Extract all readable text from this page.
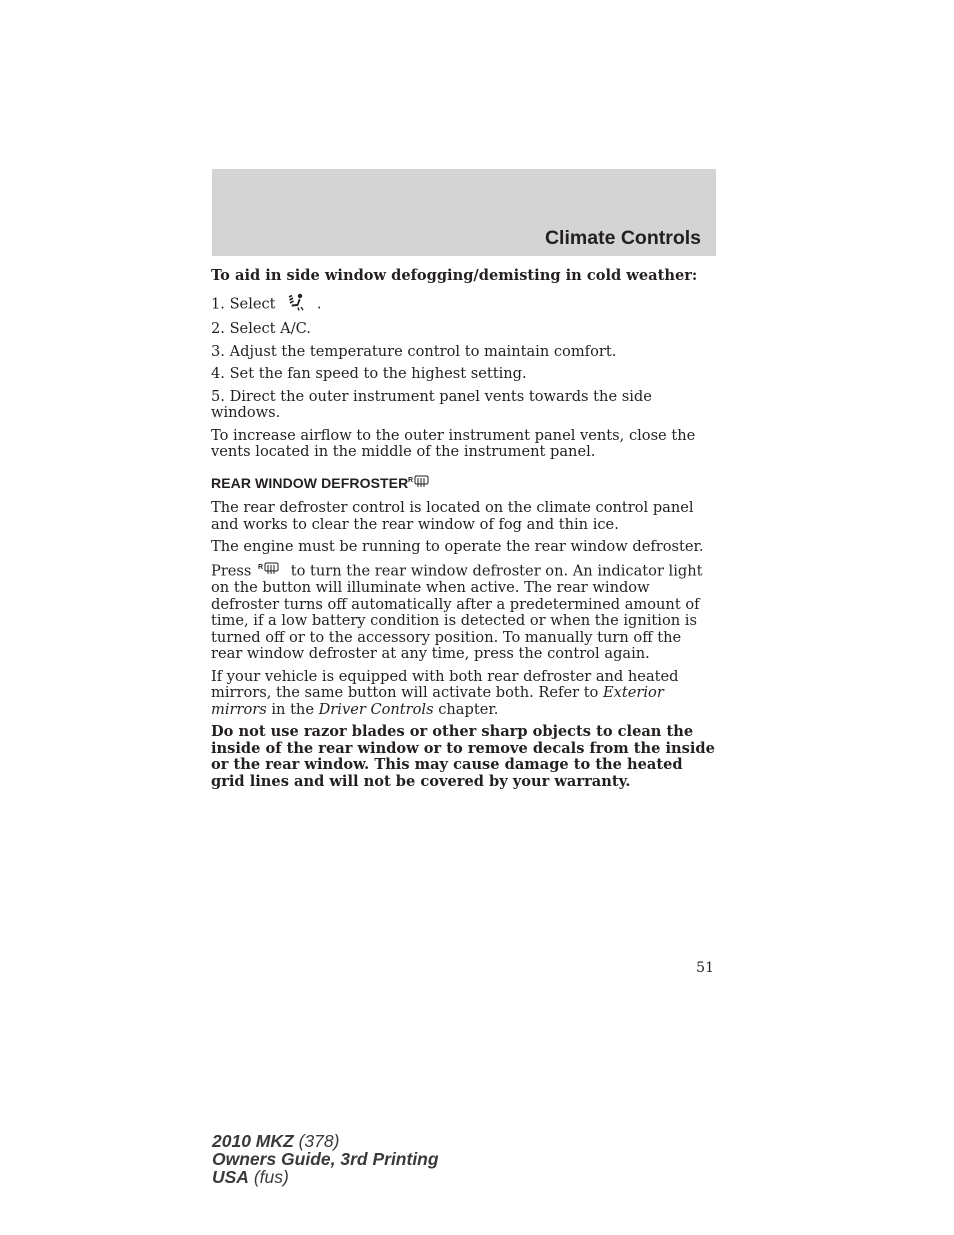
Climate Controls

To aid in side window defogging/demisting in cold weather:

1. Select	.

2. Select A/C.

3. Adjust the temperature control to maintain comfort.

4. Set the fan speed to the highest setting.

5. Direct the outer instrument panel vents towards the side windows.

To increase airflow to the outer instrument panel vents, close the vents located in the middle of the instrument panel.

REAR WINDOW DEFROSTER R

The rear defroster control is located on the climate control panel and works to clear the rear window of fog and thin ice.

The engine must be running to operate the rear window defroster.

Press R to turn the rear window defroster on. An indicator light on the button will illuminate when active. The rear window defroster turns off automatically after a predetermined amount of time, if a low battery condition is detected or when the ignition is turned off or to the accessory position. To manually turn off the rear window defroster at any time, press the control again.

If your vehicle is equipped with both rear defroster and heated mirrors, the same button will activate both. Refer to Exterior mirrors in the Driver Controls chapter.

Do not use razor blades or other sharp objects to clean the inside of the rear window or to remove decals from the inside or the rear window. This may cause damage to the heated grid lines and will not be covered by your warranty.

51
2010 MKZ (378)
Owners Guide, 3rd Printing
USA (fus)
